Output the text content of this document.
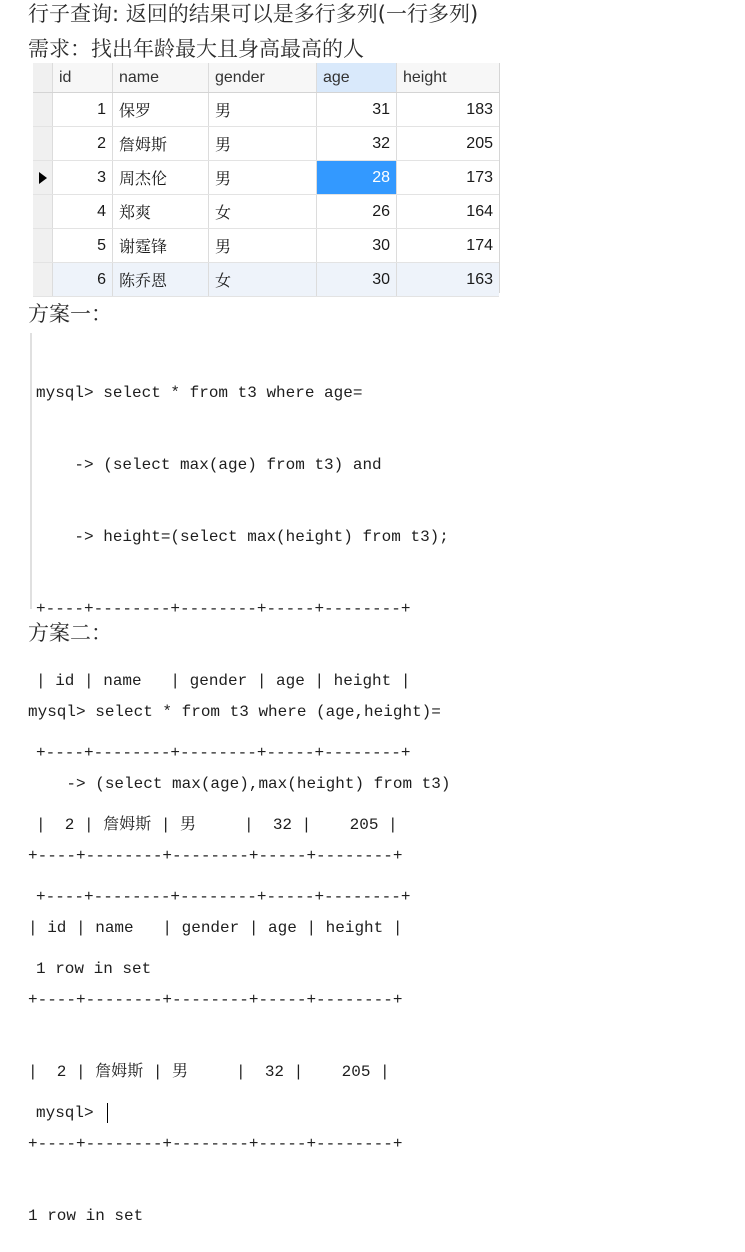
行子查询: 返回的结果可以是多行多列(一行多列)
需求：找出年龄最大且身高最高的人
id	name	gender	age	height
1 保罗	男	31	183
2 詹姆斯	男	32	205
3 周杰伦	男	28	173
4 郑爽	女	26	164
5 谢霆锋	男	30	174
6 陈乔恩	女	30	163
方案一：

mysql> select * from t3 where age=

-> (select max(age) from t3) and

-> height=(select max(height) from t3);

+----+--------+--------+-----+--------+

| id | name   | gender | age | height |

+----+--------+--------+-----+--------+

|  2 | 詹姆斯 | 男     |  32 |    205 |

+----+--------+--------+-----+--------+

1 row in set

mysql>

方案二：

mysql> select * from t3 where (age,height)=

-> (select max(age),max(height) from t3)

+----+--------+--------+-----+--------+

| id | name   | gender | age | height |

+----+--------+--------+-----+--------+

|  2 | 詹姆斯 | 男     |  32 |    205 |

+----+--------+--------+-----+--------+

1 row in set
